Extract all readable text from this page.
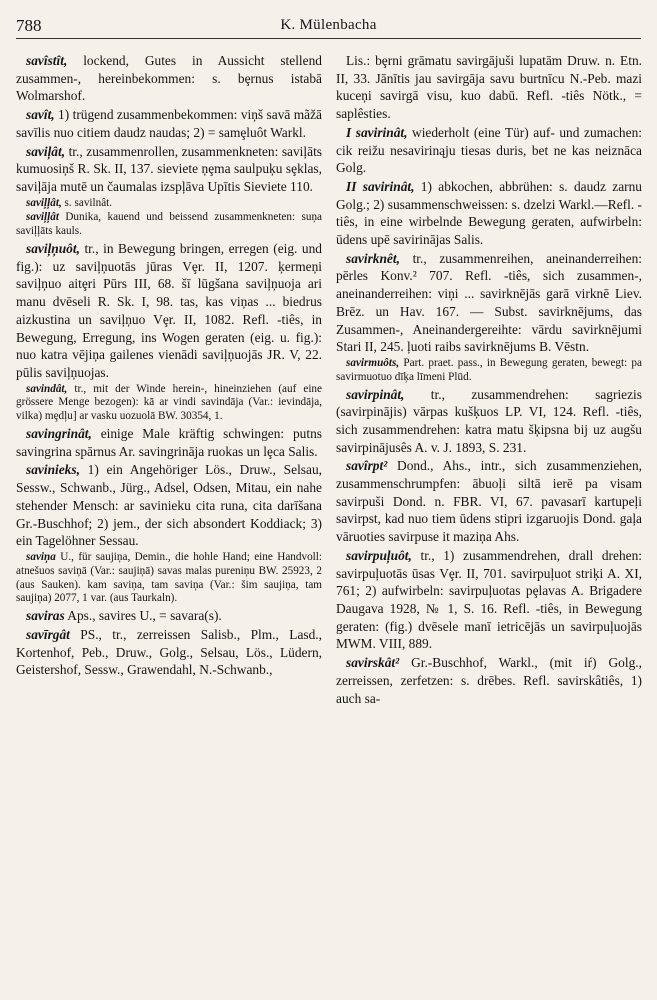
788	K. Mülenbacha

savîstît, lockend, Gutes in Aussicht stellend zusammen-, hereinbekommen: s. bȩrnus istabā Wolmarshof.

savît, 1) trügend zusammenbekommen: viņš savā mãžā savīlis nuo citiem daudz naudas; 2) = samȩluôt Warkl.

saviļât, tr., zusammenrollen, zusammenkneten: saviļāts kumuosiņš R. Sk. II, 137. sieviete ņȩma saulpuķu sȩklas, saviļāja mutē un čaumalas izspļāva Upītis Sieviete 110.

saviļļât, s. savilnât.

saviļļât Dunika, kauend und beissend zusammenkneten: suņa saviļļāts kauls.

saviļņuôt, tr., in Bewegung bringen, erregen (eig. und fig.): uz saviļņuotās jūras Vȩr. II, 1207. ķermeņi saviļņuo aitȩri Pūrs III, 68. šī lūgšana saviļņuoja ari manu dvēseli R. Sk. I, 98. tas, kas viņas ... biedrus aizkustina un saviļņuo Vȩr. II, 1082. Refl. -tiês, in Bewegung, Erregung, ins Wogen geraten (eig. u. fig.): nuo katra vējiņa gailenes vienādi saviļņuojās JR. V, 22. pūlis saviļņuojas.

savindât, tr., mit der Winde herein-, hineinziehen (auf eine grössere Menge bezogen): kā ar vindi savindāja (Var.: ievindāja, vilka) mȩdļu] ar vasku uozuolā BW. 30354, 1.

savingrinât, einige Male kräftig schwingen: putns savingrina spārnus Ar. savingrināja ruokas un lȩca Salis.

savinieks, 1) ein Angehöriger Lös., Druw., Selsau, Sessw., Schwanb., Jürg., Adsel, Odsen, Mitau, ein nahe stehender Mensch: ar savinieku cita runa, cita darīšana Gr.-Buschhof; 2) jem., der sich absondert Koddiack; 3) ein Tagelöhner Sessau.

saviņa U., für saujiņa, Demin., die hohle Hand; eine Handvoll: atnešuos saviņā (Var.: saujiņā) savas malas pureniņu BW. 25923, 2 (aus Sauken). kam saviņa, tam saviņa (Var.: šim saujiņa, tam saujiņa) 2077, 1 var. (aus Taurkaln).

saviras Aps., savires U., = savara(s).

savīrgât PS., tr., zerreissen Salisb., Plm., Lasd., Kortenhof, Peb., Druw., Golg., Selsau, Lös., Lüdern, Geistershof, Sessw., Grawendahl, N.-Schwanb.,

Lis.: bȩrni grāmatu savirgājuši lupatām Druw. n. Etn. II, 33. Jānītis jau savirgāja savu burtnīcu N.-Peb. mazi kuceņi savirgā visu, kuo dabū. Refl. -tiês Nötk., = saplêsties.

I savirinât, wiederholt (eine Tür) auf- und zumachen: cik reižu nesavirinąju tiesas duris, bet ne kas neiznāca Golg.

II savirinât, 1) abkochen, abbrühen: s. daudz zarnu Golg.; 2) susammenschweissen: s. dzelzi Warkl.—Refl. -tiês, in eine wirbelnde Bewegung geraten, aufwirbeln: ūdens upē savirinājas Salis.

savirknêt, tr., zusammenreihen, aneinanderreihen: pērles Konv.² 707. Refl. -tiês, sich zusammen-, aneinanderreihen: viņi ... savirknējās garā virknē Liev. Brēz. un Hav. 167. — Subst. savirknējums, das Zusammen-, Aneinandergereihte: vārdu savirknējumi Stari II, 245. ļuoti raibs savirknējums B. Vēstn.

savirmuôts, Part. praet. pass., in Bewegung geraten, bewegt: pa savirmuotuo dīķa līmeni Plūd.

savirpinât, tr., zusammendrehen: sagriezis (savirpinājis) vārpas kušķuos LP. VI, 124. Refl. -tiês, sich zusammendrehen: katra matu šķipsna bij uz augšu savirpinājusês A. v. J. 1893, S. 231.

savîrpt² Dond., Ahs., intr., sich zusammenziehen, zusammenschrumpfen: ābuoļi siltā ierē pa visam savirpuši Dond. n. FBR. VI, 67. pavasarī kartupeļi savirpst, kad nuo tiem ūdens stipri izgaruojis Dond. gaļa vāruoties savirpuse it maziņa Ahs.

savirpuļuôt, tr., 1) zusammendrehen, drall drehen: savirpuļuotās ūsas Vȩr. II, 701. savirpuļuot striķi A. XI, 761; 2) aufwirbeln: savirpuļuotas pȩlavas A. Brigadere Daugava 1928, № 1, S. 16. Refl. -tiês, in Bewegung geraten: (fig.) dvēsele manī ietricējās un savirpuļuojās MWM. VIII, 889.

savirskât² Gr.-Buschhof, Warkl., (mit iŕ) Golg., zerreissen, zerfetzen: s. drēbes. Refl. savirskâtiês, 1) auch sa-
